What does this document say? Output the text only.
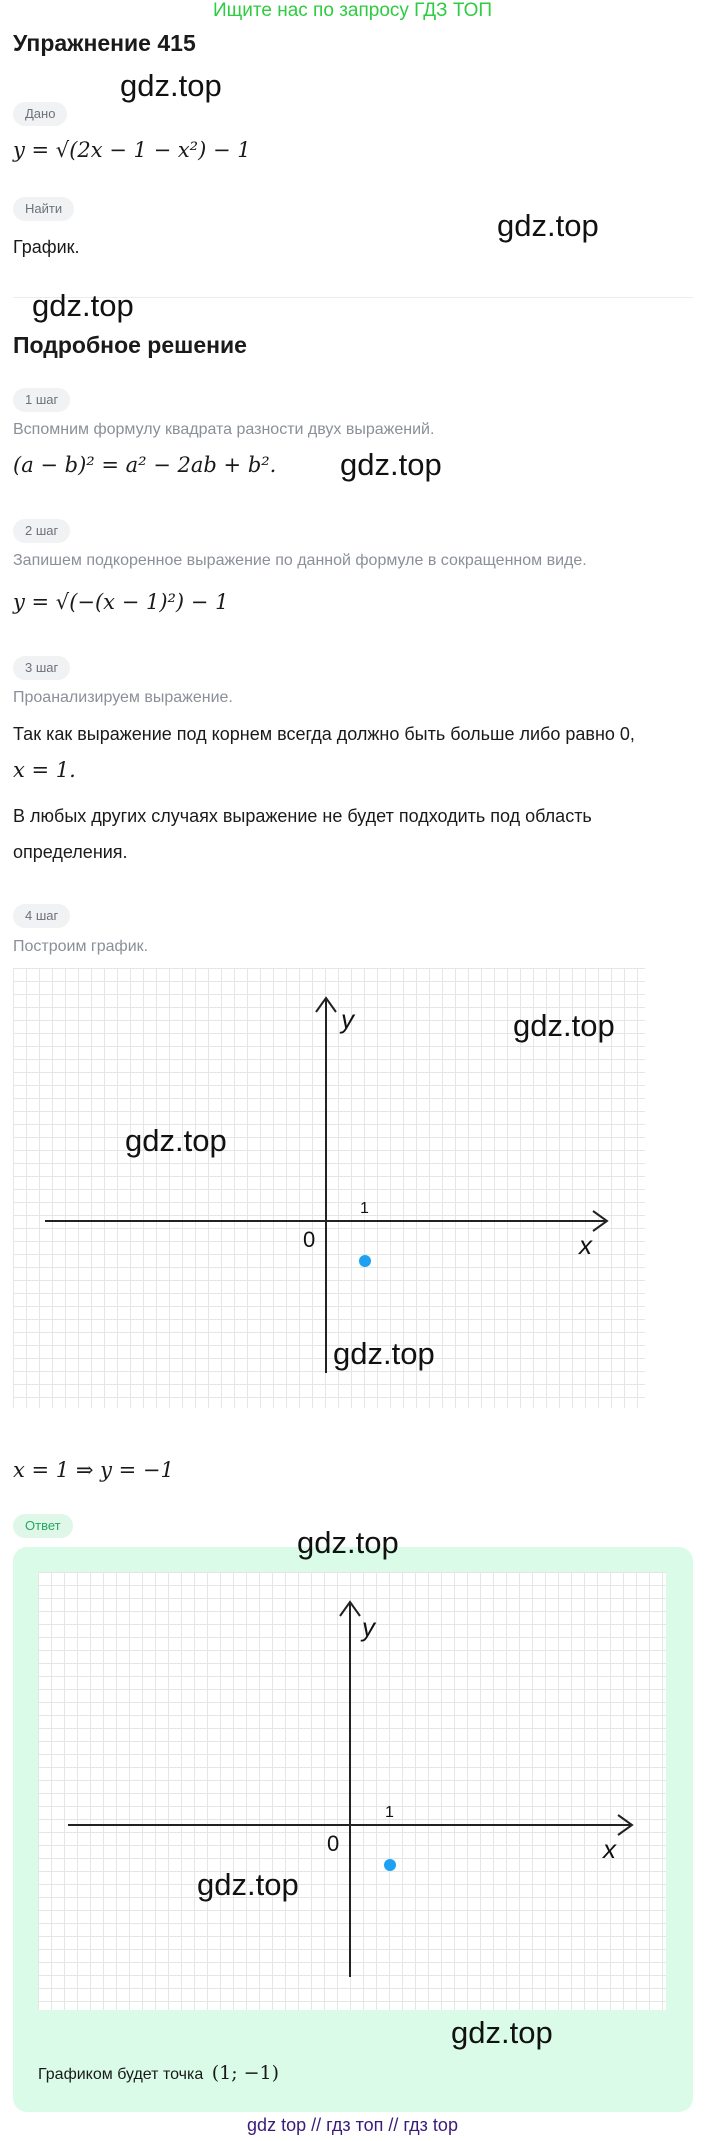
Ищите нас по запросу ГДЗ ТОП
Упражнение 415
gdz.top
Дано
y = √(2x − 1 − x²) − 1
Найти	gdz.top
График.
gdz.top
Подробное решение
1 шаг
Вспомним формулу квадрата разности двух выражений.
(a − b)² = a² − 2ab + b². gdz.top
2 шаг
Запишем подкоренное выражение по данной формуле в сокращенном виде.
y = √(−(x − 1)²) − 1
3 шаг
Проанализируем выражение.
Так как выражение под корнем всегда должно быть больше либо равно 0,
x = 1.
В любых других случаях выражение не будет подходить под область
определения.
4 шаг
Построим график.
y
x
0
1
gdz.top
gdz.top
gdz.top
x = 1 ⇒ y = −1
Ответ	gdz.top
y
x
0
1
gdz.top
gdz.top
Графиком будет точка (1; −1)
gdz top // гдз топ // гдз top
